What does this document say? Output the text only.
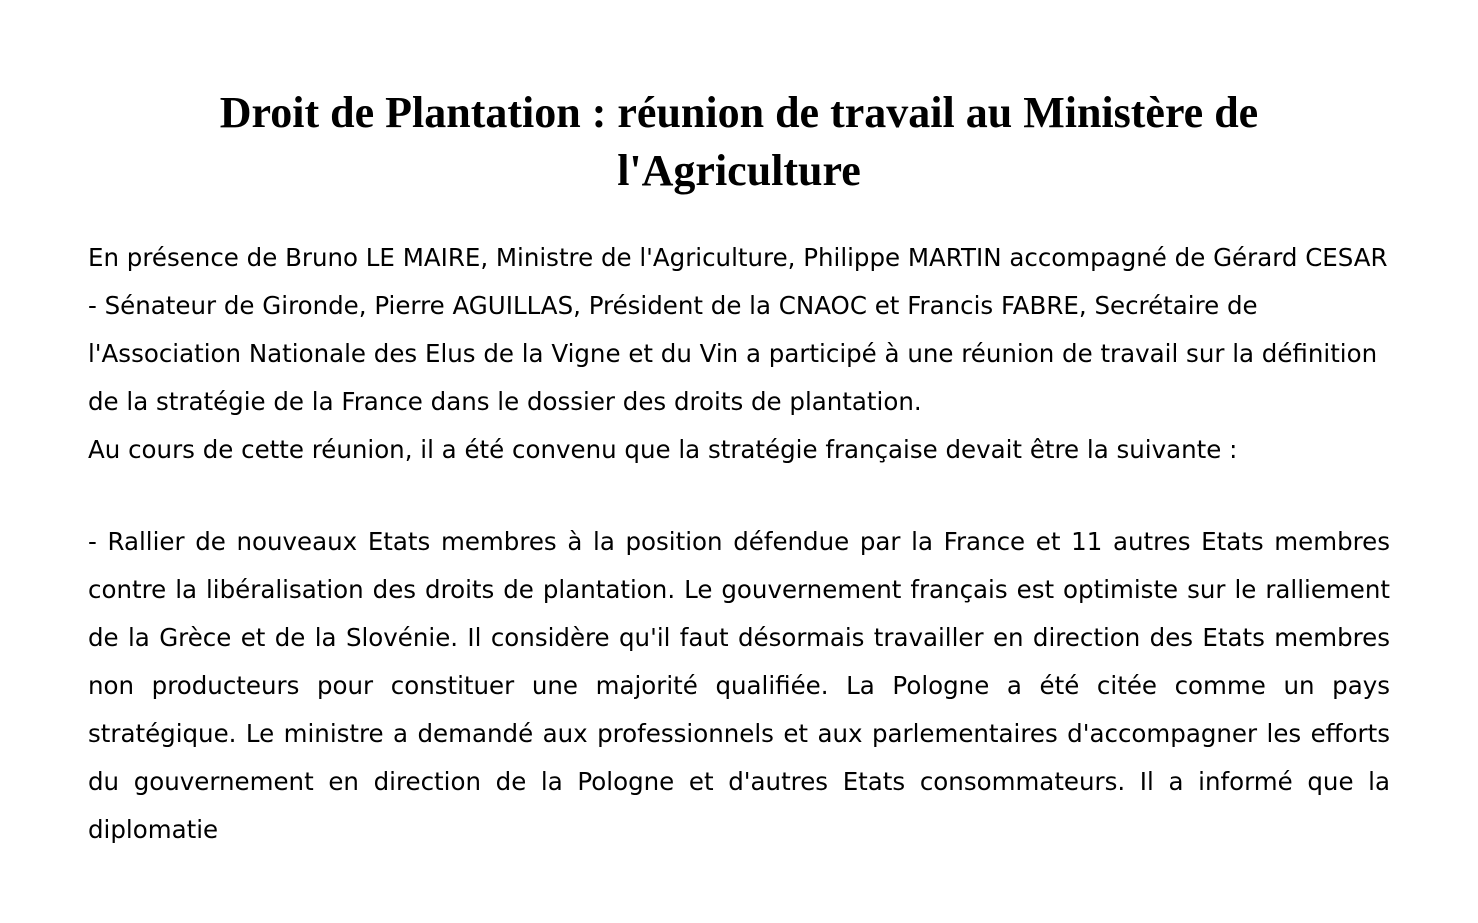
Droit de Plantation : réunion de travail au Ministère de l'Agriculture

En présence de Bruno LE MAIRE, Ministre de l'Agriculture, Philippe MARTIN accompagné de Gérard CESAR - Sénateur de Gironde, Pierre AGUILLAS, Président de la CNAOC et Francis FABRE, Secrétaire de l'Association Nationale des Elus de la Vigne et du Vin a participé à une réunion de travail sur la définition de la stratégie de la France dans le dossier des droits de plantation.

Au cours de cette réunion, il a été convenu que la stratégie française devait être la suivante :

- Rallier de nouveaux Etats membres à la position défendue par la France et 11 autres Etats membres contre la libéralisation des droits de plantation. Le gouvernement français est optimiste sur le ralliement de la Grèce et de la Slovénie. Il considère qu'il faut désormais travailler en direction des Etats membres non producteurs pour constituer une majorité qualifiée. La Pologne a été citée comme un pays stratégique. Le ministre a demandé aux professionnels et aux parlementaires d'accompagner les efforts du gouvernement en direction de la Pologne et d'autres Etats consommateurs. Il a informé que la diplomatie
